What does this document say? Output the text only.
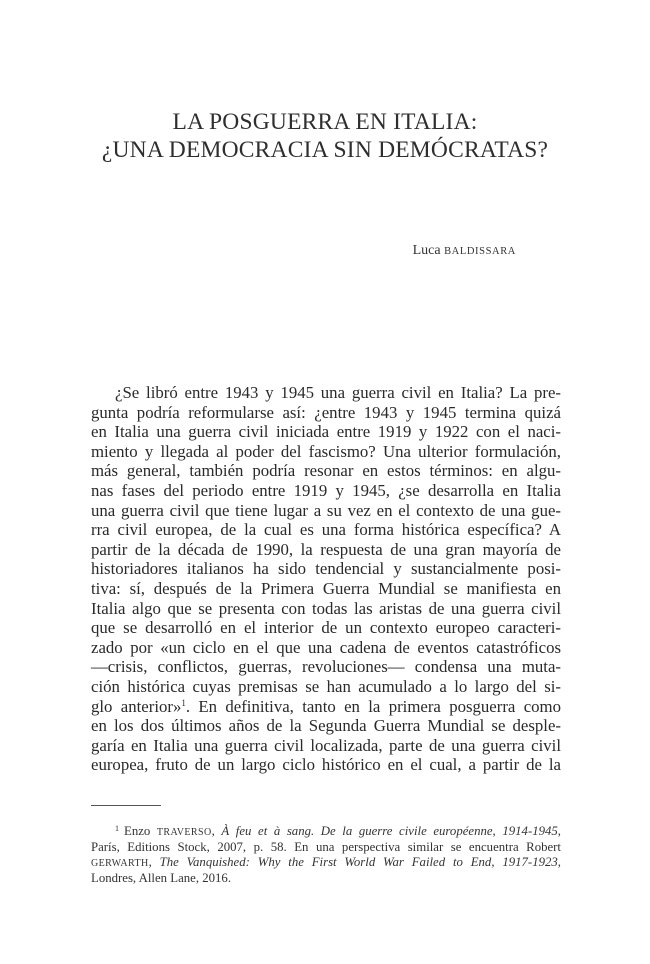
LA POSGUERRA EN ITALIA:
¿UNA DEMOCRACIA SIN DEMÓCRATAS?
Luca BALDISSARA
¿Se libró entre 1943 y 1945 una guerra civil en Italia? La pre-
gunta podría reformularse así: ¿entre 1943 y 1945 termina quizá
en Italia una guerra civil iniciada entre 1919 y 1922 con el naci-
miento y llegada al poder del fascismo? Una ulterior formulación,
más general, también podría resonar en estos términos: en algu-
nas fases del periodo entre 1919 y 1945, ¿se desarrolla en Italia
una guerra civil que tiene lugar a su vez en el contexto de una gue-
rra civil europea, de la cual es una forma histórica específica? A
partir de la década de 1990, la respuesta de una gran mayoría de
historiadores italianos ha sido tendencial y sustancialmente posi-
tiva: sí, después de la Primera Guerra Mundial se manifiesta en
Italia algo que se presenta con todas las aristas de una guerra civil
que se desarrolló en el interior de un contexto europeo caracteri-
zado por «un ciclo en el que una cadena de eventos catastróficos
—crisis, conflictos, guerras, revoluciones— condensa una muta-
ción histórica cuyas premisas se han acumulado a lo largo del si-
glo anterior»$^1$. En definitiva, tanto en la primera posguerra como
en los dos últimos años de la Segunda Guerra Mundial se desple-
garía en Italia una guerra civil localizada, parte de una guerra civil
europea, fruto de un largo ciclo histórico en el cual, a partir de la
$^1$ Enzo TRAVERSO, À feu et à sang. De la guerre civile européenne, 1914-1945,
París, Editions Stock, 2007, p. 58. En una perspectiva similar se encuentra Robert
GERWARTH, The Vanquished: Why the First World War Failed to End, 1917-1923,
Londres, Allen Lane, 2016.
